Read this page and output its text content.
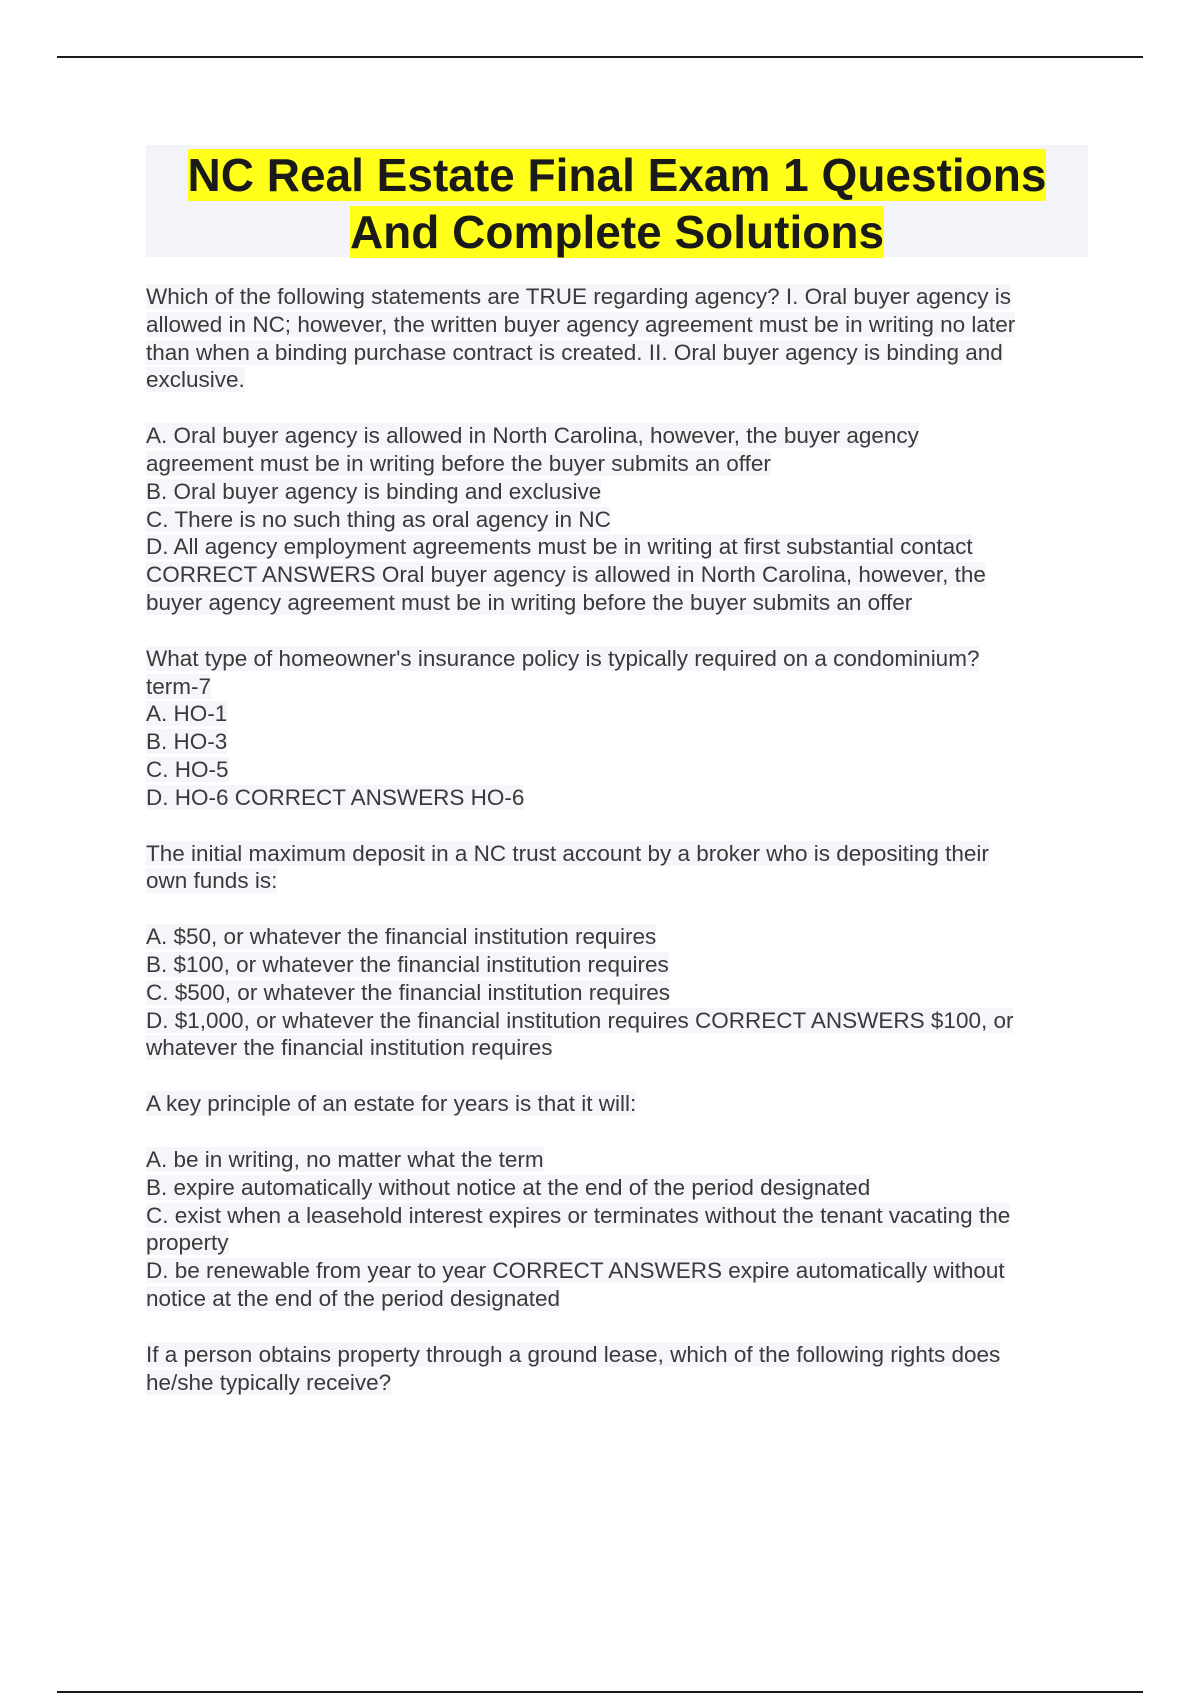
NC Real Estate Final Exam 1 Questions
And Complete Solutions
Which of the following statements are TRUE regarding agency? I. Oral buyer agency is
allowed in NC; however, the written buyer agency agreement must be in writing no later
than when a binding purchase contract is created. II. Oral buyer agency is binding and
exclusive.
A. Oral buyer agency is allowed in North Carolina, however, the buyer agency
agreement must be in writing before the buyer submits an offer
B. Oral buyer agency is binding and exclusive
C. There is no such thing as oral agency in NC
D. All agency employment agreements must be in writing at first substantial contact
CORRECT ANSWERS Oral buyer agency is allowed in North Carolina, however, the
buyer agency agreement must be in writing before the buyer submits an offer
What type of homeowner's insurance policy is typically required on a condominium?
term-7
A. HO-1
B. HO-3
C. HO-5
D. HO-6 CORRECT ANSWERS HO-6
The initial maximum deposit in a NC trust account by a broker who is depositing their
own funds is:
A. $50, or whatever the financial institution requires
B. $100, or whatever the financial institution requires
C. $500, or whatever the financial institution requires
D. $1,000, or whatever the financial institution requires CORRECT ANSWERS $100, or
whatever the financial institution requires
A key principle of an estate for years is that it will:
A. be in writing, no matter what the term
B. expire automatically without notice at the end of the period designated
C. exist when a leasehold interest expires or terminates without the tenant vacating the
property
D. be renewable from year to year CORRECT ANSWERS expire automatically without
notice at the end of the period designated
If a person obtains property through a ground lease, which of the following rights does
he/she typically receive?
